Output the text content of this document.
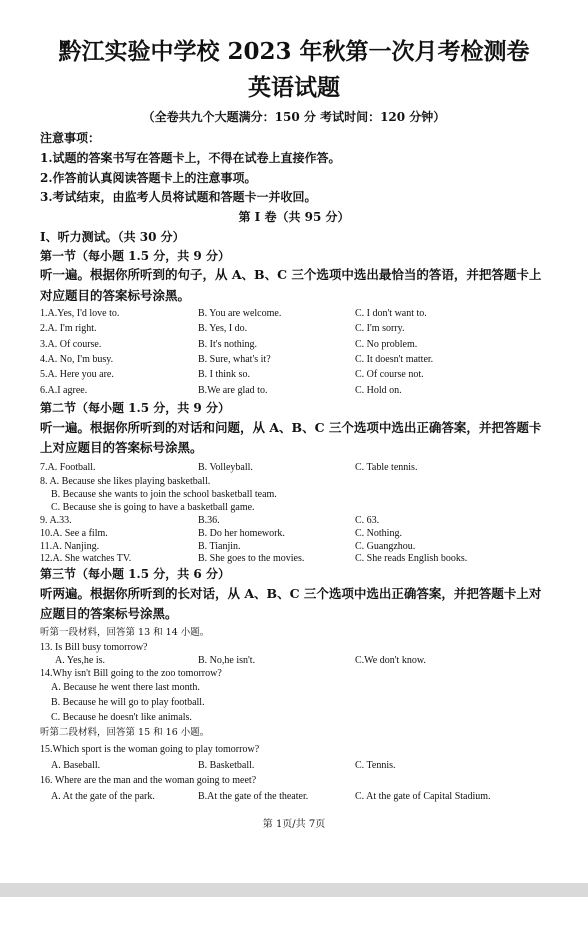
黔江实验中学校 2023 年秋第一次月考检测卷
英语试题
（全卷共九个大题满分：150 分 考试时间：120 分钟）
注意事项：
1.试题的答案书写在答题卡上，不得在试卷上直接作答。
2.作答前认真阅读答题卡上的注意事项。
3.考试结束，由监考人员将试题和答题卡一并收回。
第 I 卷（共 95 分）
Ⅰ、听力测试。（共 30 分）
第一节（每小题 1.5 分，共 9 分）
听一遍。根据你所听到的句子，从 A、B、C 三个选项中选出最恰当的答语，并把答题卡上
对应题目的答案标号涂黑。
1.A.Yes, I'd love to.	B. You are welcome.	C. I don't want to.
2.A. I'm right.	B. Yes, I do.	C. I'm sorry.
3.A. Of course.	B. It's nothing.	C. No problem.
4.A. No, I'm busy.	B. Sure, what's it?	C. It doesn't matter.
5.A. Here you are.	B. I think so.	C. Of course not.
6.A.I agree.	B.We are glad to.	C. Hold on.
第二节（每小题 1.5 分，共 9 分）
听一遍。根据你所听到的对话和问题，从 A、B、C 三个选项中选出正确答案，并把答题卡
上对应题目的答案标号涂黑。
7.A. Football.	B. Volleyball.	C. Table tennis.
8. A. Because she likes playing basketball.
B. Because she wants to join the school basketball team.
C. Because she is going to have a basketball game.
9. A.33.	B.36.	C. 63.
10.A. See a film.	B. Do her homework.	C. Nothing.
11.A. Nanjing.	B. Tianjin.	C. Guangzhou.
12.A. She watches TV.	B. She goes to the movies.	C. She reads English books.
第三节（每小题 1.5 分，共 6 分）
听两遍。根据你所听到的长对话，从 A、B、C 三个选项中选出正确答案，并把答题卡上对
应题目的答案标号涂黑。
听第一段材料，回答第 13 和 14 小题。
13. Is Bill busy tomorrow?
A. Yes,he is.	B. No,he isn't.	C.We don't know.
14.Why isn't Bill going to the zoo tomorrow?
A. Because he went there last month.
B. Because he will go to play football.
C. Because he doesn't like animals.
听第二段材料，回答第 15 和 16 小题。
15.Which sport is the woman going to play tomorrow?
A. Baseball.	B. Basketball.	C. Tennis.
16. Where are the man and the woman going to meet?
A. At the gate of the park.	B.At the gate of the theater.	C. At the gate of Capital Stadium.
第 1页/共 7页
